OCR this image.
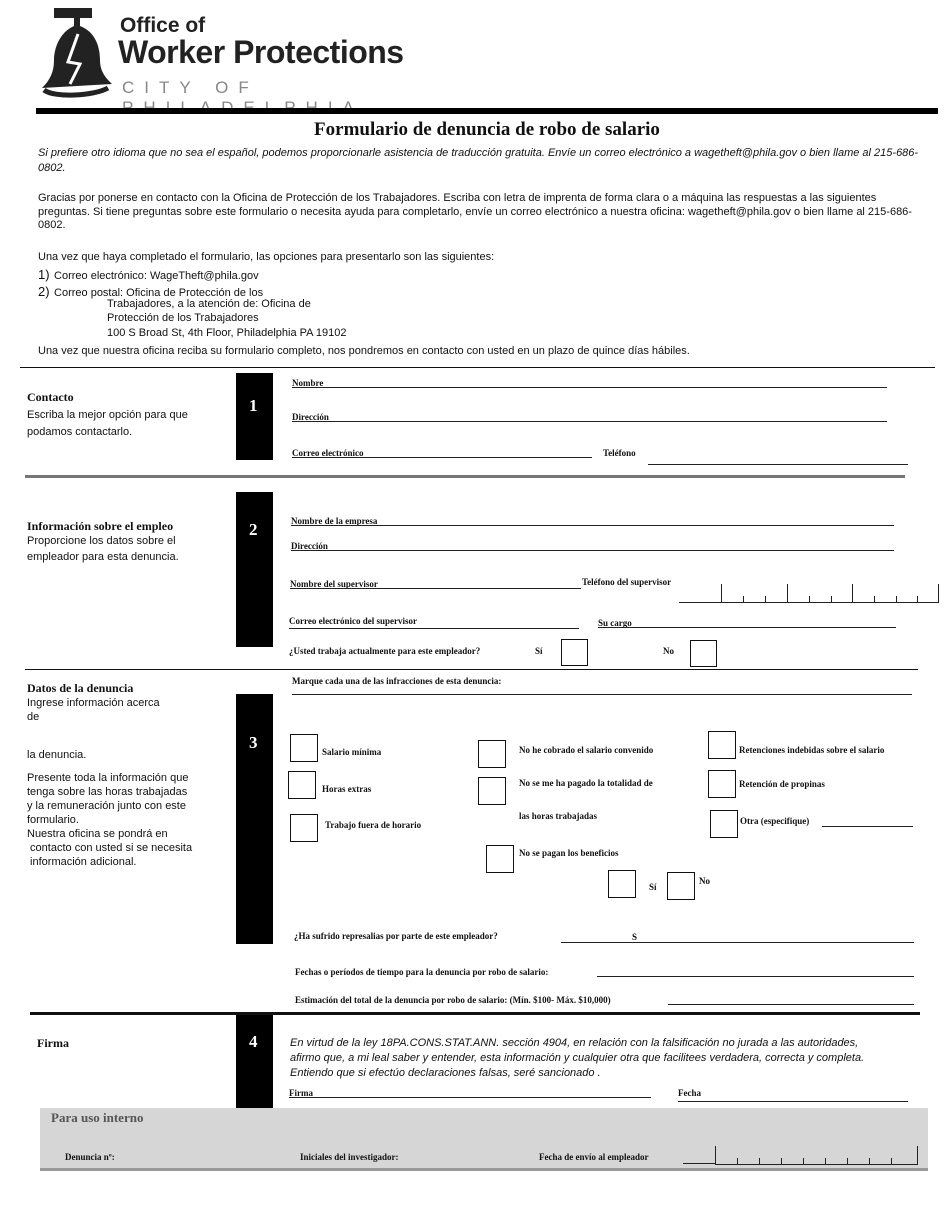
Office of
Worker Protections
CITY OF
Formulario de denuncia de robo de salario
Si prefiere otro idioma que no sea el español, podemos proporcionarle asistencia de traducción gratuita. Envíe un correo electrónico a wagetheft@phila.gov o bien llame al 215-686-0802.
Gracias por ponerse en contacto con la Oficina de Protección de los Trabajadores. Escriba con letra de imprenta de forma clara o a máquina las respuestas a las siguientes preguntas. Si tiene preguntas sobre este formulario o necesita ayuda para completarlo, envíe un correo electrónico a nuestra oficina: wagetheft@phila.gov o bien llame al 215-686-0802.
Una vez que haya completado el formulario, las opciones para presentarlo son las siguientes:
1) Correo electrónico: WageTheft@phila.gov
2) Correo postal: Oficina de Protección de los
Trabajadores, a la atención de: Oficina de
Protección de los Trabajadores
100 S Broad St, 4th Floor, Philadelphia PA 19102
Una vez que nuestra oficina reciba su formulario completo, nos pondremos en contacto con usted en un plazo de quince días hábiles.
Contacto
Escriba la mejor opción para que
podamos contactarlo.
1
Nombre
Dirección
Correo electrónico	Teléfono
Información sobre el empleo
Proporcione los datos sobre el
empleador para esta denuncia.
2	Nombre de la empresa
Dirección
Nombre del supervisor	Teléfono del supervisor
Correo electrónico del supervisor	Su cargo
¿Usted trabaja actualmente para este empleador?	Sí	No
Datos de la denuncia
Ingrese información acerca
de
la denuncia.
Presente toda la información que
tenga sobre las horas trabajadas
y la remuneración junto con este
formulario.
Nuestra oficina se pondrá en
contacto con usted si se necesita
información adicional.
3
Marque cada una de las infracciones de esta denuncia:
Salario mínima
Horas extras
Trabajo fuera de horario
No he cobrado el salario convenido
No se me ha pagado la totalidad de
las horas trabajadas
No se pagan los beneficios
Sí
No
Retenciones indebidas sobre el salario
Retención de propinas
Otra (especifique)
¿Ha sufrido represalias por parte de este empleador?	S
Fechas o períodos de tiempo para la denuncia por robo de salario:
Estimación del total de la denuncia por robo de salario: (Mín. $100- Máx. $10,000)
Firma	4	En virtud de la ley 18PA.CONS.STAT.ANN. sección 4904, en relación con la falsificación no jurada a las autoridades,
afirmo que, a mi leal saber y entender, esta información y cualquier otra que facilitees verdadera, correcta y completa.
Entiendo que si efectúo declaraciones falsas, seré sancionado .
Firma	Fecha
Para uso interno
Denuncia nº:	Iniciales del investigador:	Fecha de envío al empleador
